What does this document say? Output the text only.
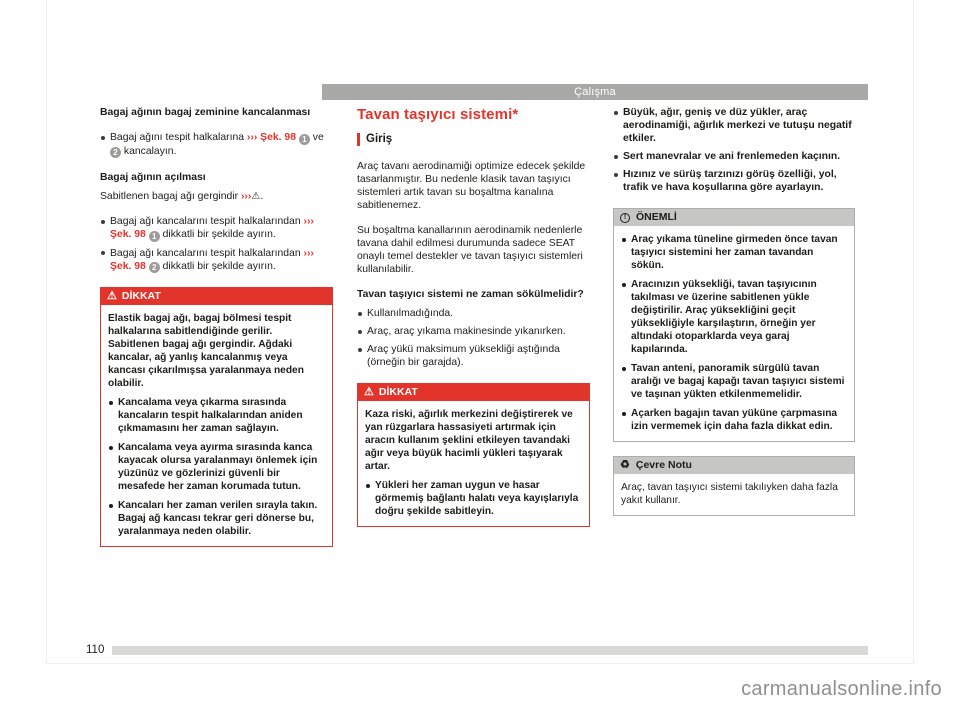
Çalışma
Bagaj ağının bagaj zeminine kancalanması
Bagaj ağını tespit halkalarına ››› Şek. 98 1 ve 2 kancalayın.
Bagaj ağının açılması
Sabitlenen bagaj ağı gergindir ›››⚠.
Bagaj ağı kancalarını tespit halkalarından ››› Şek. 98 1 dikkatli bir şekilde ayırın.
Bagaj ağı kancalarını tespit halkalarından ››› Şek. 98 2 dikkatli bir şekilde ayırın.
⚠ DİKKAT
Elastik bagaj ağı, bagaj bölmesi tespit halkalarına sabitlendiğinde gerilir. Sabitlenen bagaj ağı gergindir. Ağdaki kancalar, ağ yanlış kancalanmış veya kancası çıkarılmışsa yaralanmaya neden olabilir.
Kancalama veya çıkarma sırasında kancaların tespit halkalarından aniden çıkmamasını her zaman sağlayın.
Kancalama veya ayırma sırasında kanca kayacak olursa yaralanmayı önlemek için yüzünüz ve gözlerinizi güvenli bir mesafede her zaman korumada tutun.
Kancaları her zaman verilen sırayla takın. Bagaj ağ kancası tekrar geri dönerse bu, yaralanmaya neden olabilir.
Tavan taşıyıcı sistemi*
Giriş
Araç tavanı aerodinamiği optimize edecek şekilde tasarlanmıştır. Bu nedenle klasik tavan taşıyıcı sistemleri artık tavan su boşaltma kanalına sabitlenemez.
Su boşaltma kanallarının aerodinamik nedenlerle tavana dahil edilmesi durumunda sadece SEAT onaylı temel destekler ve tavan taşıyıcı sistemleri kullanılabilir.
Tavan taşıyıcı sistemi ne zaman sökülmelidir?
Kullanılmadığında.
Araç, araç yıkama makinesinde yıkanırken.
Araç yükü maksimum yüksekliği aştığında (örneğin bir garajda).
⚠ DİKKAT
Kaza riski, ağırlık merkezini değiştirerek ve yan rüzgarlara hassasiyeti artırmak için aracın kullanım şeklini etkileyen tavandaki ağır veya büyük hacimli yükleri taşıyarak artar.
Yükleri her zaman uygun ve hasar görmemiş bağlantı halatı veya kayışlarıyla doğru şekilde sabitleyin.
Büyük, ağır, geniş ve düz yükler, araç aerodinamiği, ağırlık merkezi ve tutuşu negatif etkiler.
Sert manevralar ve ani frenlemeden kaçının.
Hızınız ve sürüş tarzınızı görüş özelliği, yol, trafik ve hava koşullarına göre ayarlayın.
! ÖNEMLİ
Araç yıkama tüneline girmeden önce tavan taşıyıcı sistemini her zaman tavandan sökün.
Aracınızın yüksekliği, tavan taşıyıcının takılması ve üzerine sabitlenen yükle değiştirilir. Araç yüksekliğini geçit yüksekliğiyle karşılaştırın, örneğin yer altındaki otoparklarda veya garaj kapılarında.
Tavan anteni, panoramik sürgülü tavan aralığı ve bagaj kapağı tavan taşıyıcı sistemi ve taşınan yükten etkilenmemelidir.
Açarken bagajın tavan yüküne çarpmasına izin vermemek için daha fazla dikkat edin.
♻ Çevre Notu
Araç, tavan taşıyıcı sistemi takılıyken daha fazla yakıt kullanır.
110
carmanualsonline.info
